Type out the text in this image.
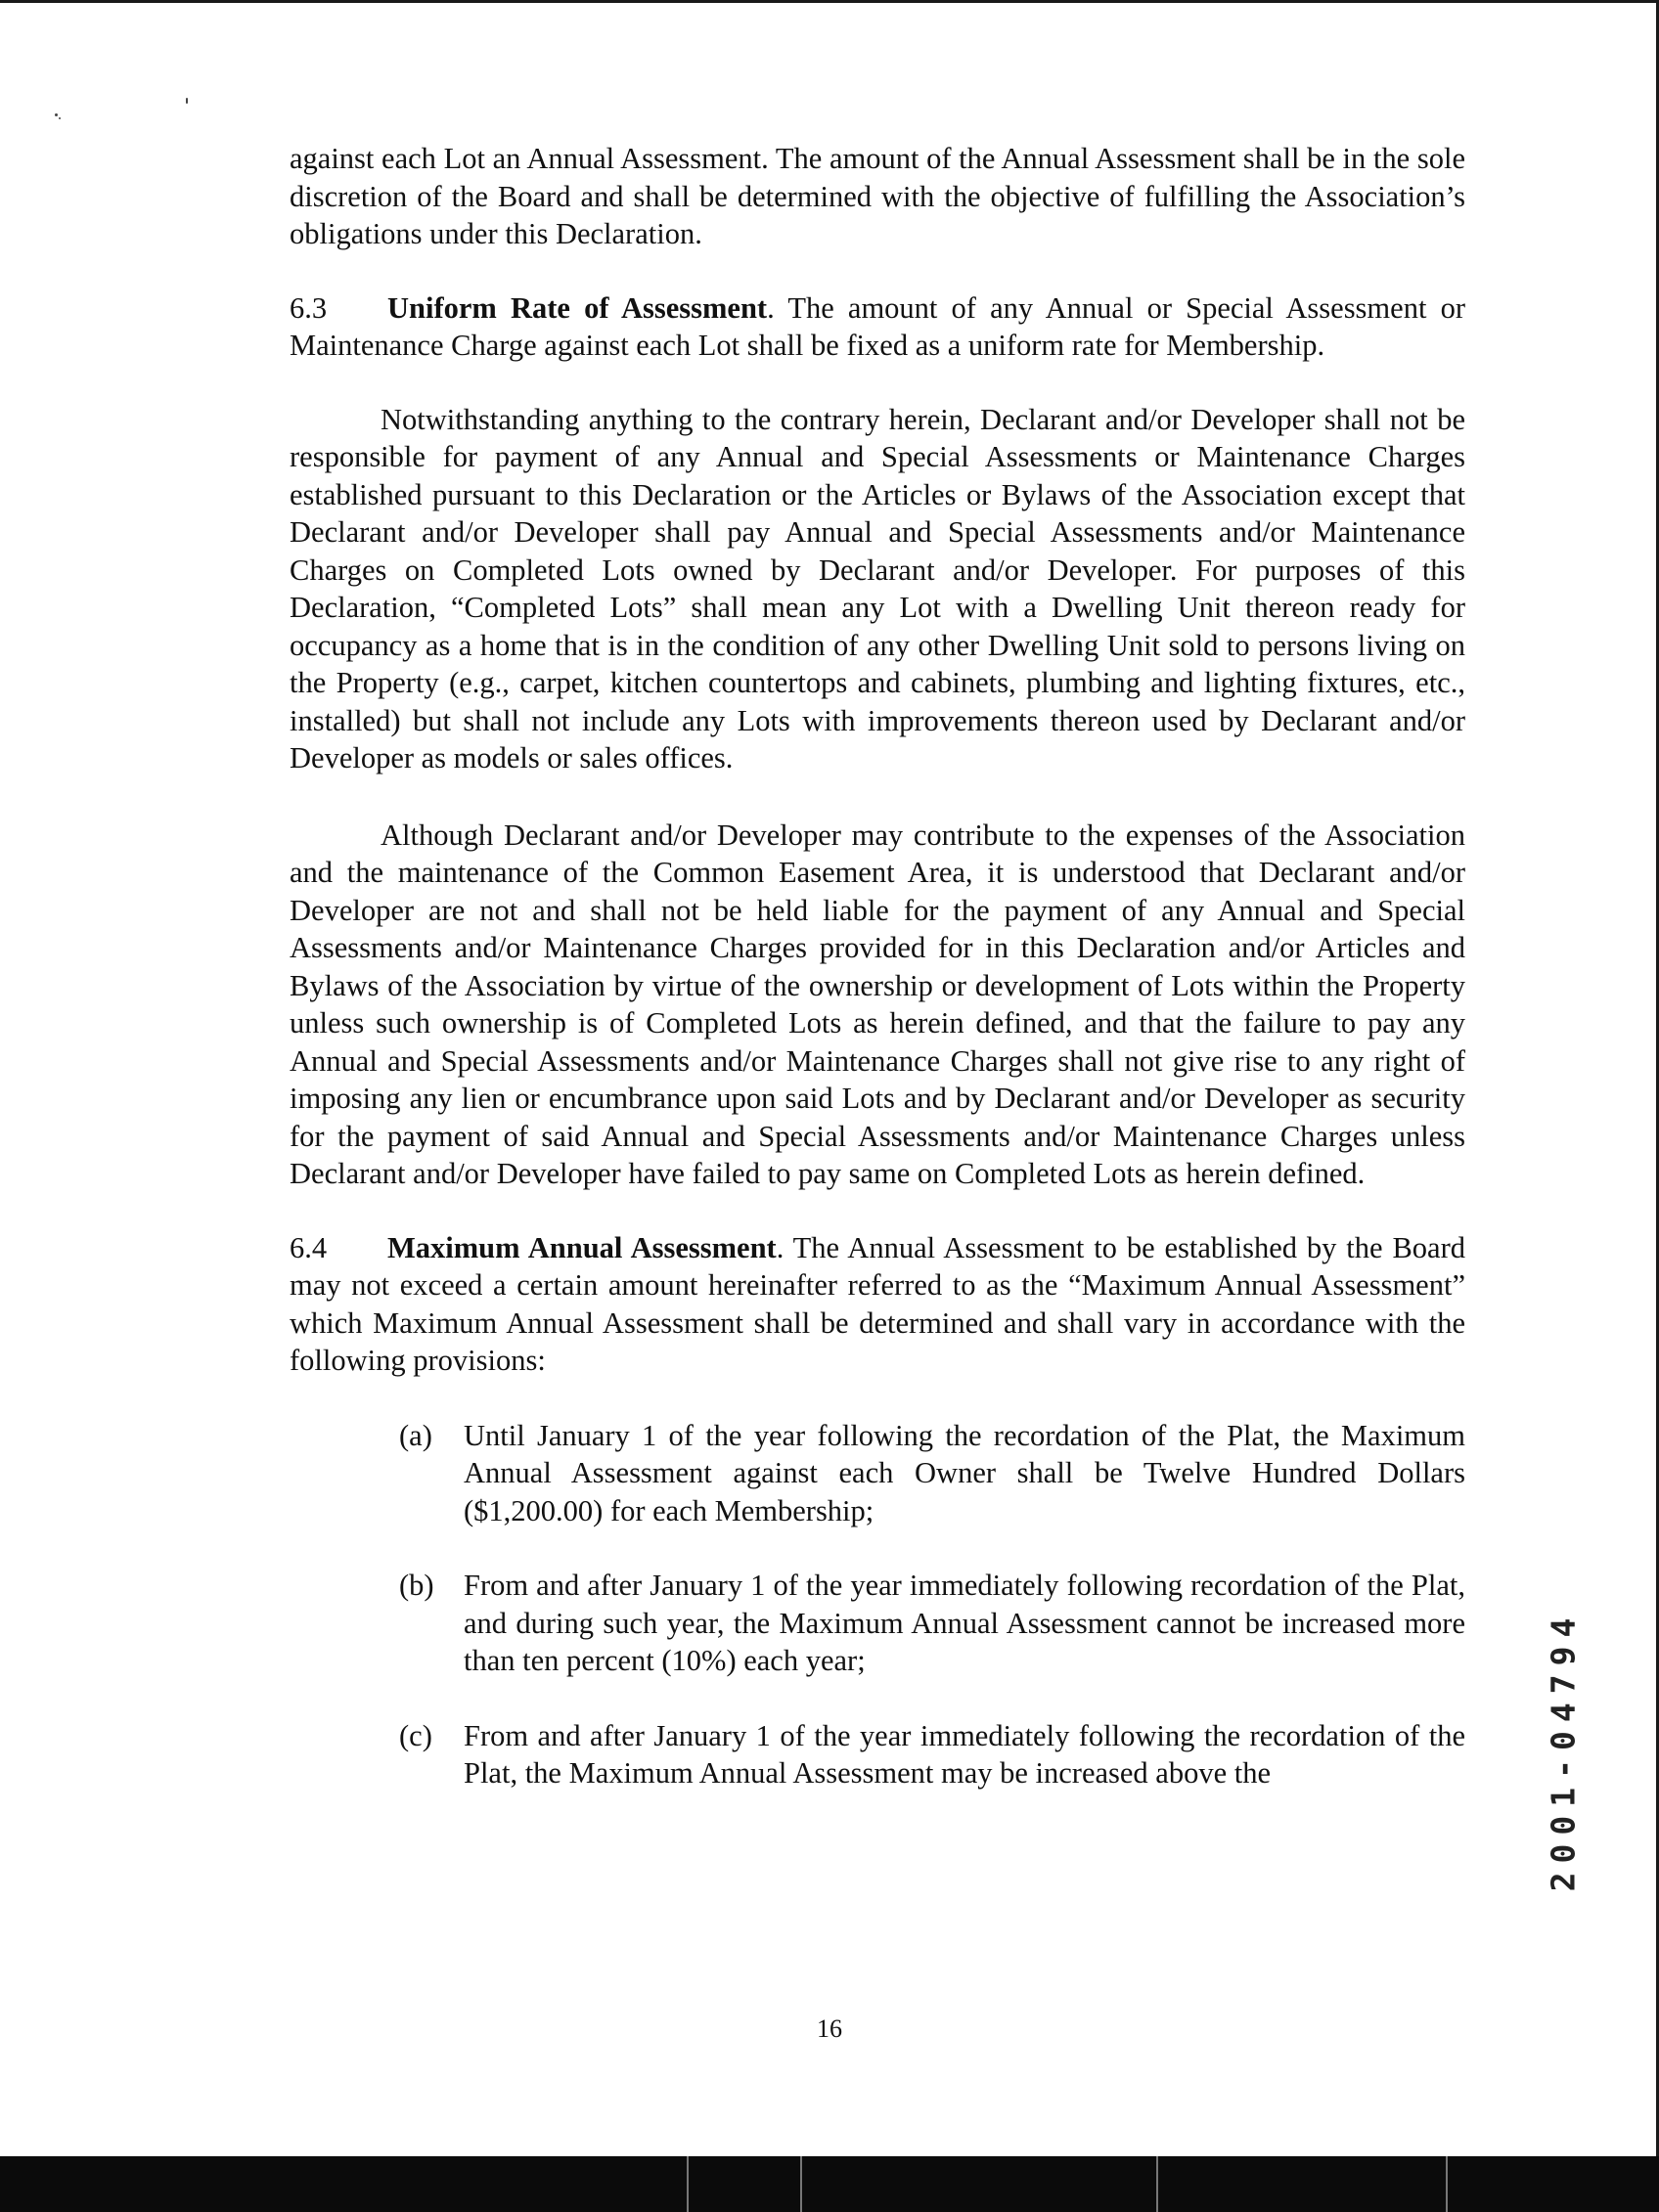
against each Lot an Annual Assessment. The amount of the Annual Assessment shall be in the sole discretion of the Board and shall be determined with the objective of fulfilling the Association’s obligations under this Declaration.

6.3 Uniform Rate of Assessment. The amount of any Annual or Special Assessment or Maintenance Charge against each Lot shall be fixed as a uniform rate for Membership.

Notwithstanding anything to the contrary herein, Declarant and/or Developer shall not be responsible for payment of any Annual and Special Assessments or Maintenance Charges established pursuant to this Declaration or the Articles or Bylaws of the Association except that Declarant and/or Developer shall pay Annual and Special Assessments and/or Maintenance Charges on Completed Lots owned by Declarant and/or Developer. For purposes of this Declaration, “Completed Lots” shall mean any Lot with a Dwelling Unit thereon ready for occupancy as a home that is in the condition of any other Dwelling Unit sold to persons living on the Property (e.g., carpet, kitchen countertops and cabinets, plumbing and lighting fixtures, etc., installed) but shall not include any Lots with improvements thereon used by Declarant and/or Developer as models or sales offices.

Although Declarant and/or Developer may contribute to the expenses of the Association and the maintenance of the Common Easement Area, it is understood that Declarant and/or Developer are not and shall not be held liable for the payment of any Annual and Special Assessments and/or Maintenance Charges provided for in this Declaration and/or Articles and Bylaws of the Association by virtue of the ownership or development of Lots within the Property unless such ownership is of Completed Lots as herein defined, and that the failure to pay any Annual and Special Assessments and/or Maintenance Charges shall not give rise to any right of imposing any lien or encumbrance upon said Lots and by Declarant and/or Developer as security for the payment of said Annual and Special Assessments and/or Maintenance Charges unless Declarant and/or Developer have failed to pay same on Completed Lots as herein defined.

6.4 Maximum Annual Assessment. The Annual Assessment to be established by the Board may not exceed a certain amount hereinafter referred to as the “Maximum Annual Assessment” which Maximum Annual Assessment shall be determined and shall vary in accordance with the following provisions:

(a)	Until January 1 of the year following the recordation of the Plat, the Maximum Annual Assessment against each Owner shall be Twelve Hundred Dollars ($1,200.00) for each Membership;
(b) From and after January 1 of the year immediately following recordation of the Plat, and during such year, the Maximum Annual Assessment cannot be increased more than ten percent (10%) each year;
(c)	From and after January 1 of the year immediately following the recordation of the Plat, the Maximum Annual Assessment may be increased above the
16
2001-04794
